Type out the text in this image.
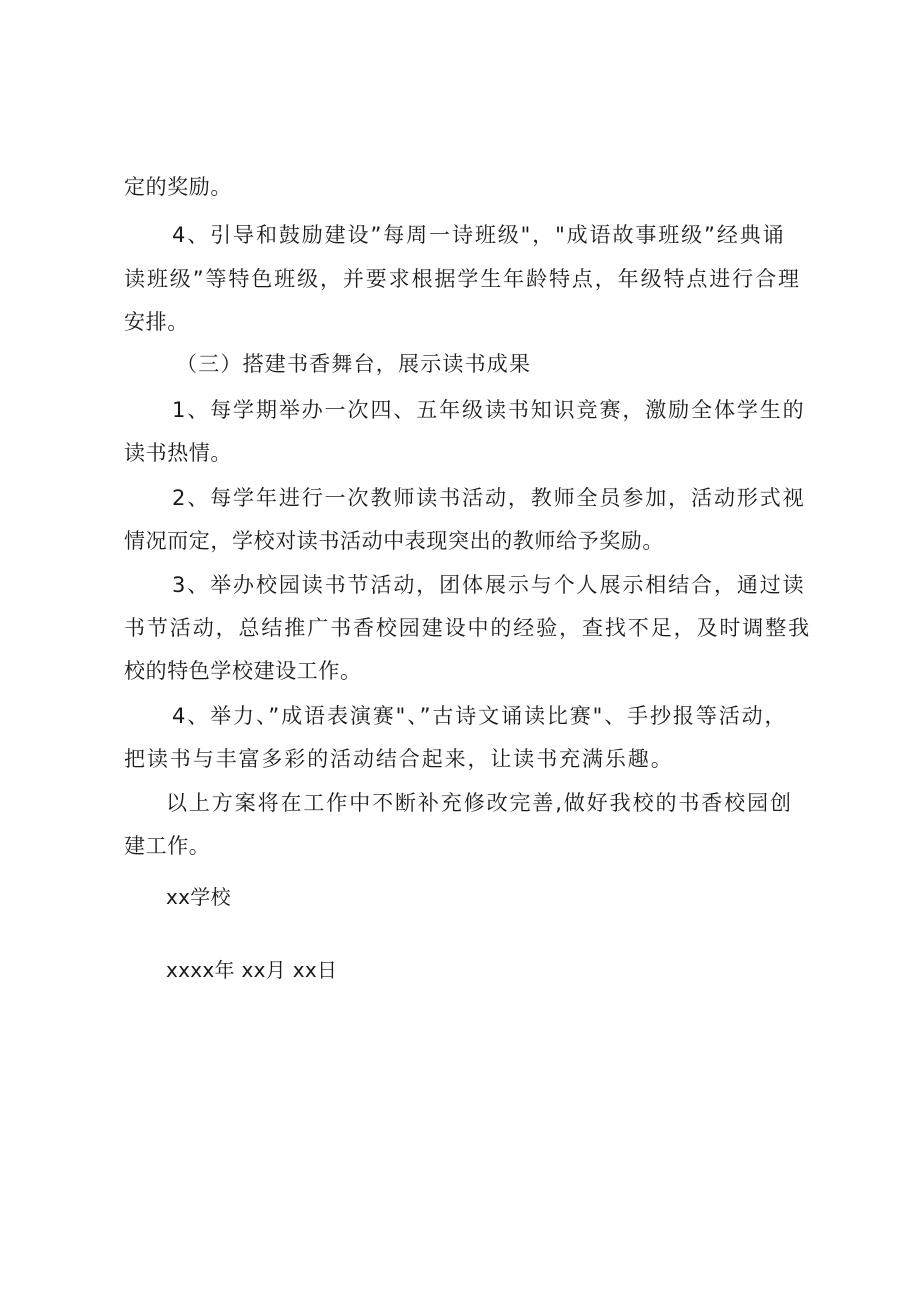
定的奖励。
4、引导和鼓励建设”每周一诗班级"，"成语故事班级”经典诵
读班级”等特色班级，并要求根据学生年龄特点，年级特点进行合理
安排。
（三）搭建书香舞台，展示读书成果
1、每学期举办一次四、五年级读书知识竞赛，激励全体学生的
读书热情。
2、每学年进行一次教师读书活动，教师全员参加，活动形式视
情况而定，学校对读书活动中表现突出的教师给予奖励。
3、举办校园读书节活动，团体展示与个人展示相结合，通过读
书节活动，总结推广书香校园建设中的经验，查找不足，及时调整我
校的特色学校建设工作。
4、举力、”成语表演赛"、”古诗文诵读比赛"、手抄报等活动，
把读书与丰富多彩的活动结合起来，让读书充满乐趣。
以上方案将在工作中不断补充修改完善,做好我校的书香校园创
建工作。
xx学校
xxxx年 xx月 xx日
